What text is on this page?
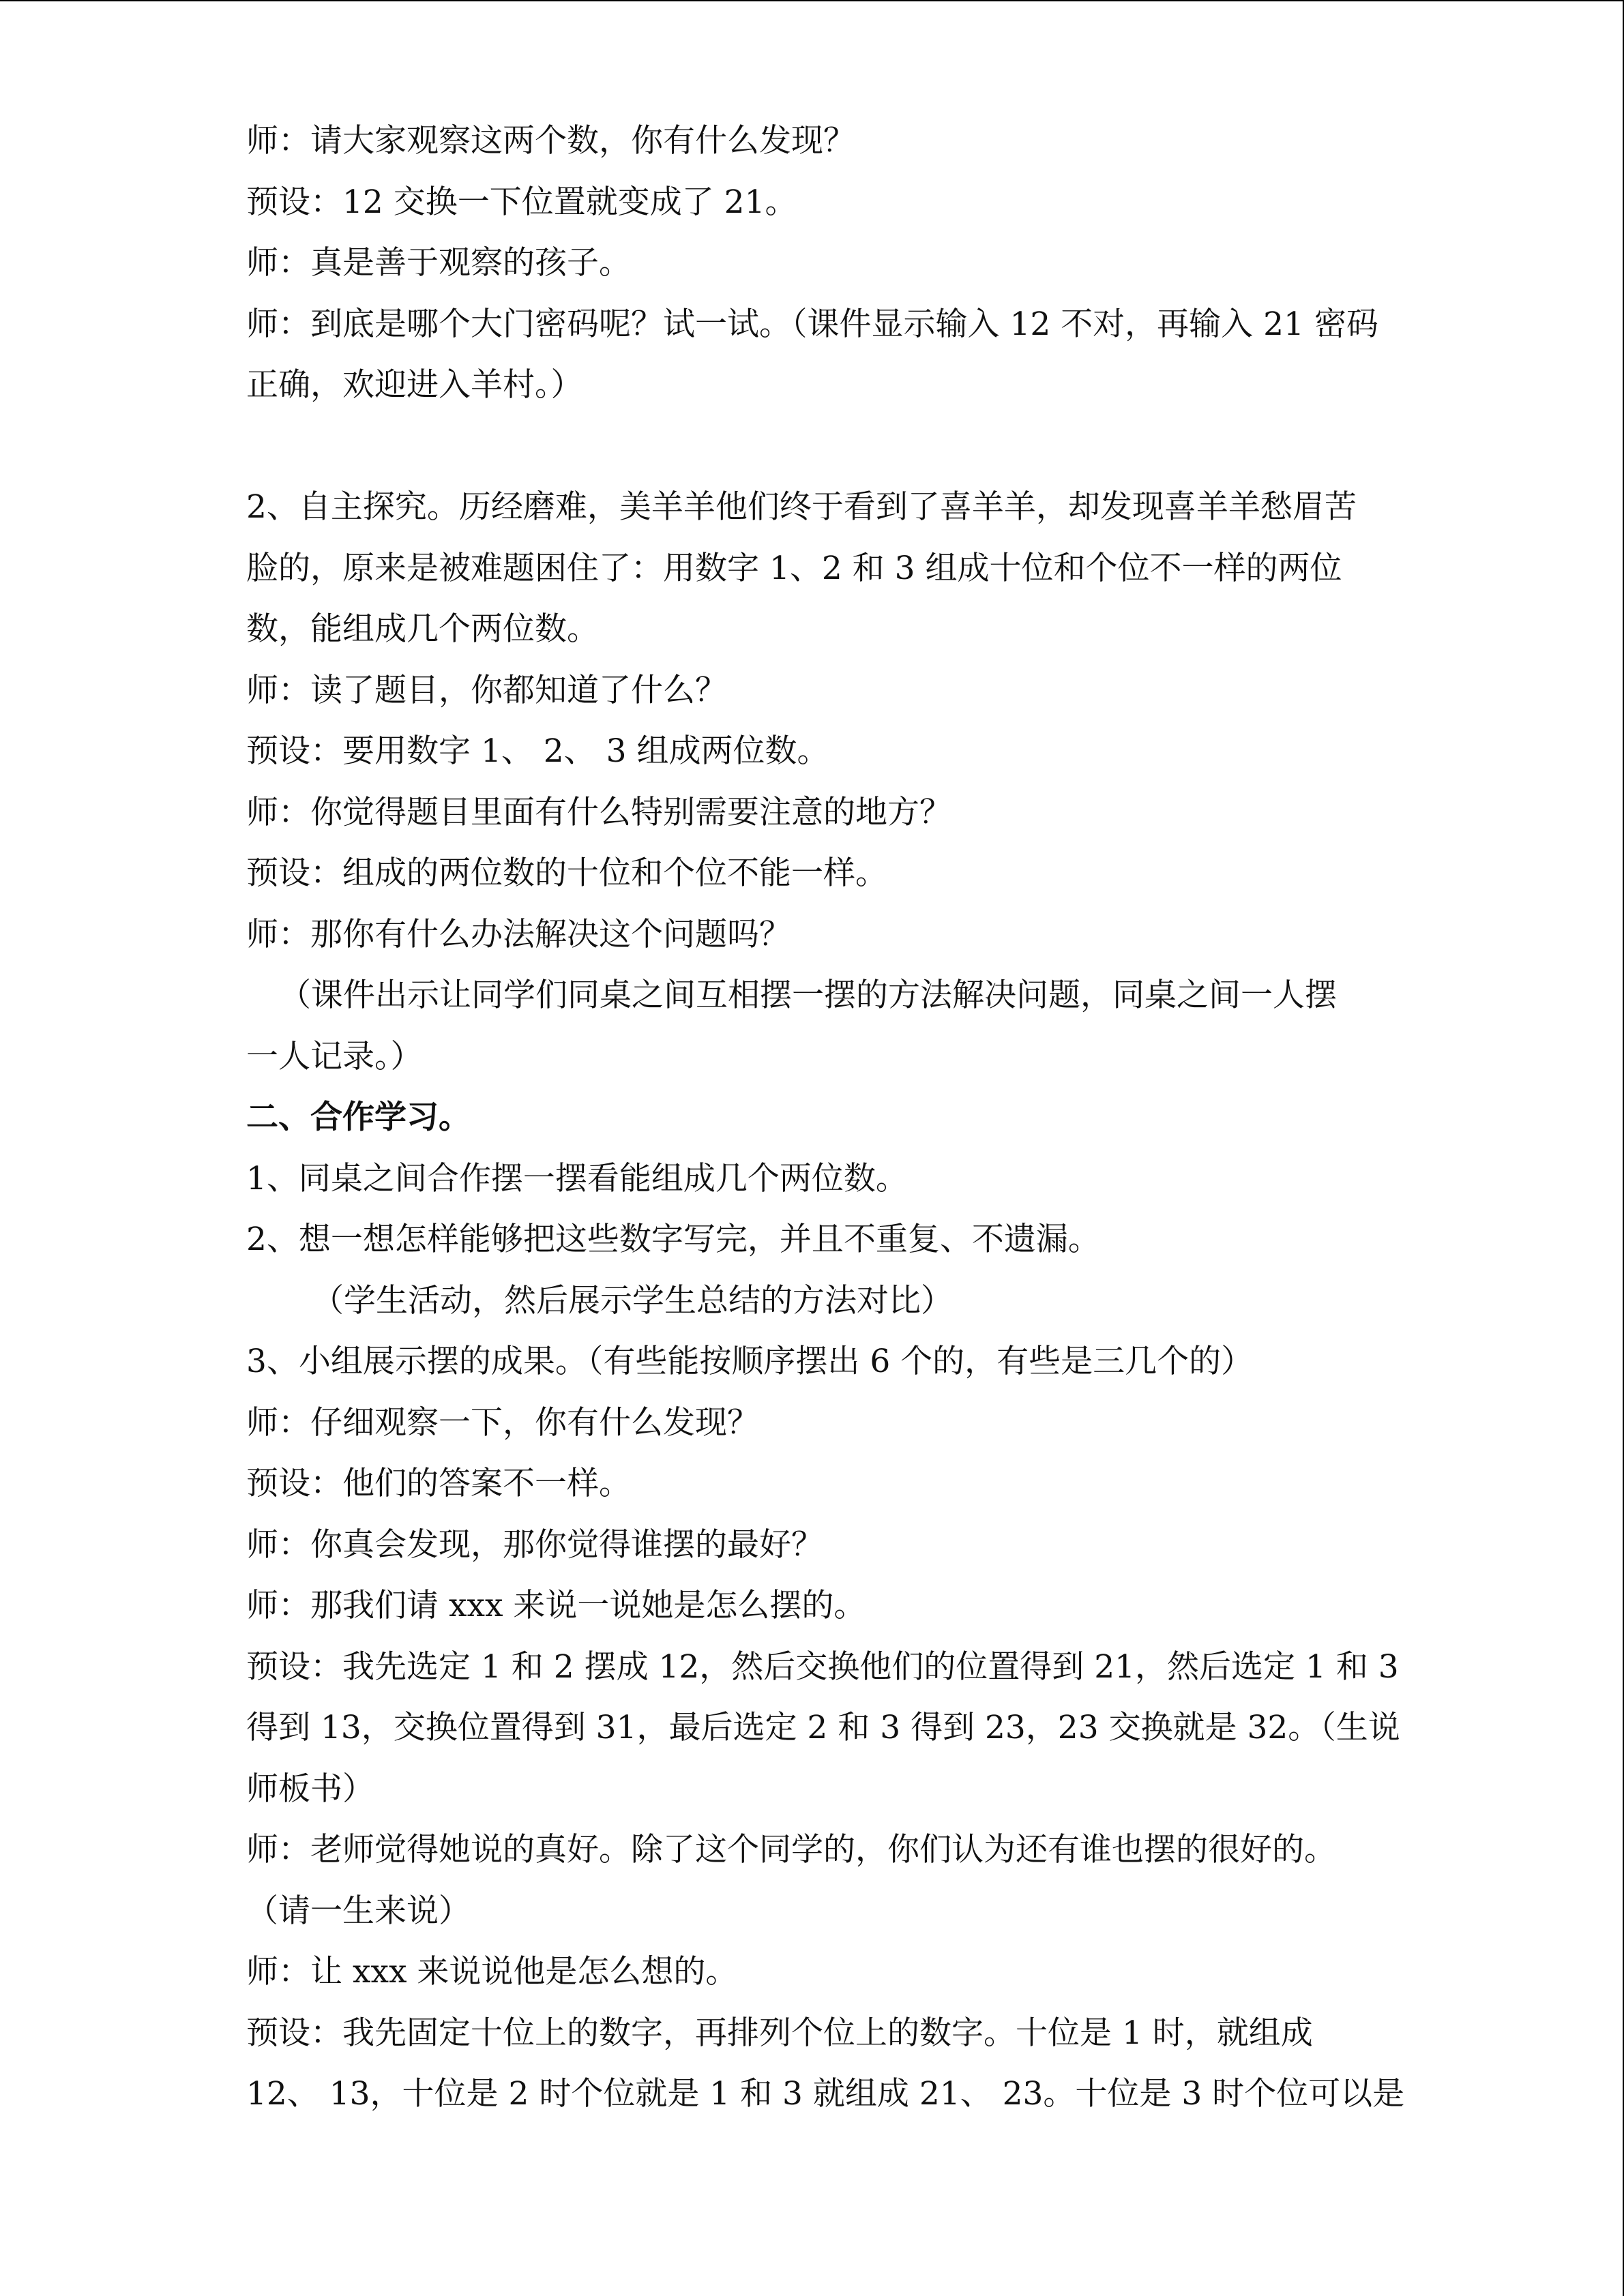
师：请大家观察这两个数，你有什么发现？
预设：12 交换一下位置就变成了 21。
师：真是善于观察的孩子。
师：到底是哪个大门密码呢？试一试。（课件显示输入 12 不对，再输入 21 密码
正确，欢迎进入羊村。）
2、自主探究。历经磨难，美羊羊他们终于看到了喜羊羊，却发现喜羊羊愁眉苦
脸的，原来是被难题困住了：用数字 1、2 和 3 组成十位和个位不一样的两位
数，能组成几个两位数。
师：读了题目，你都知道了什么？
预设：要用数字 1、 2、 3 组成两位数。
师：你觉得题目里面有什么特别需要注意的地方？
预设：组成的两位数的十位和个位不能一样。
师：那你有什么办法解决这个问题吗？
（课件出示让同学们同桌之间互相摆一摆的方法解决问题，同桌之间一人摆
一人记录。）
二、合作学习。
1、同桌之间合作摆一摆看能组成几个两位数。
2、想一想怎样能够把这些数字写完，并且不重复、不遗漏。
（学生活动，然后展示学生总结的方法对比）
3、小组展示摆的成果。（有些能按顺序摆出 6 个的，有些是三几个的）
师：仔细观察一下，你有什么发现？
预设：他们的答案不一样。
师：你真会发现，那你觉得谁摆的最好？
师：那我们请 xxx 来说一说她是怎么摆的。
预设：我先选定 1 和 2 摆成 12，然后交换他们的位置得到 21，然后选定 1 和 3
得到 13，交换位置得到 31，最后选定 2 和 3 得到 23，23 交换就是 32。（生说
师板书）
师：老师觉得她说的真好。除了这个同学的，你们认为还有谁也摆的很好的。
（请一生来说）
师：让 xxx 来说说他是怎么想的。
预设：我先固定十位上的数字，再排列个位上的数字。十位是 1 时，就组成
12、 13，十位是 2 时个位就是 1 和 3 就组成 21、 23。十位是 3 时个位可以是
